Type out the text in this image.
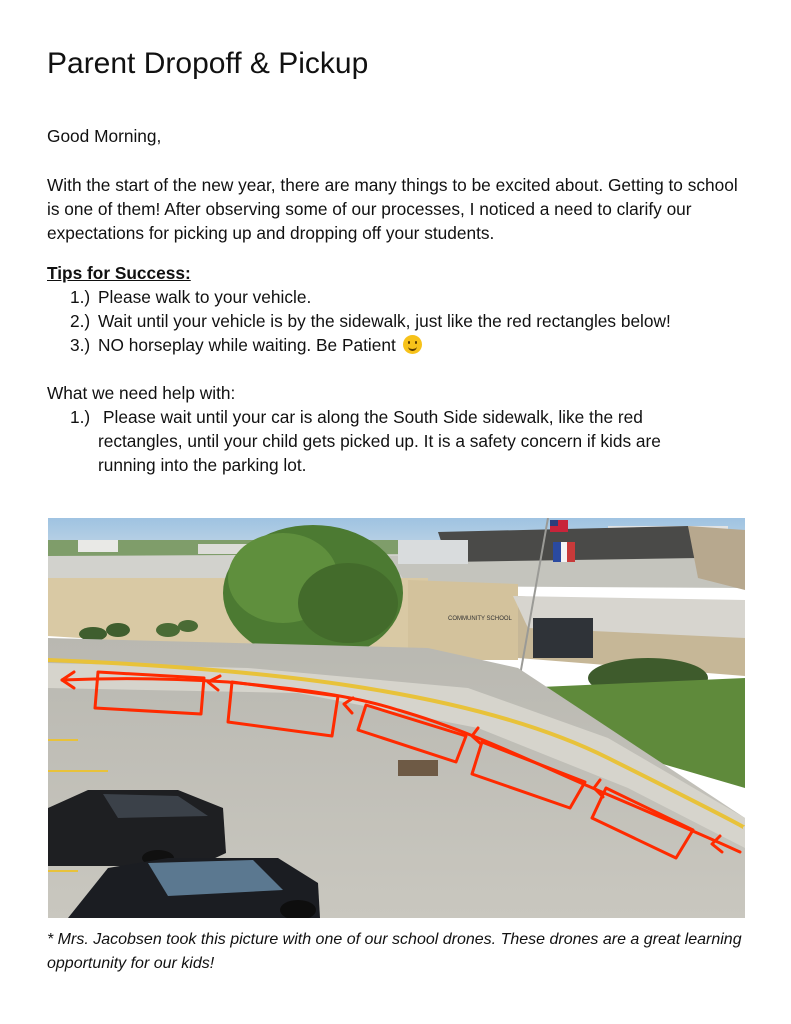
Parent Dropoff & Pickup

Good Morning,

With the start of the new year, there are many things to be excited about. Getting to school is one of them! After observing some of our processes, I noticed a need to clarify our expectations for picking up and dropping off your students.

Tips for Success:

1.) Please walk to your vehicle.
2.) Wait until your vehicle is by the sidewalk, just like the red rectangles below!
3.) NO horseplay while waiting. Be Patient

What we need help with:

1.) Please wait until your car is along the South Side sidewalk, like the red rectangles, until your child gets picked up. It is a safety concern if kids are running into the parking lot.
COMMUNITY SCHOOL

* Mrs. Jacobsen took this picture with one of our school drones. These drones are a great learning opportunity for our kids!
